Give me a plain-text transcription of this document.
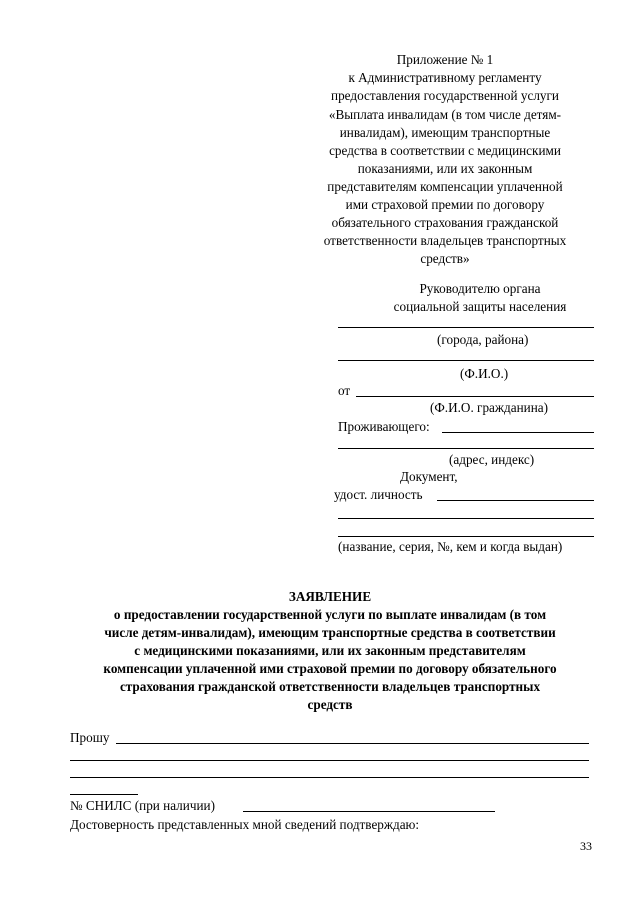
Приложение № 1
к Административному регламенту
предоставления государственной услуги
«Выплата инвалидам (в том числе детям-
инвалидам), имеющим транспортные
средства в соответствии с медицинскими
показаниями, или их законным
представителям компенсации уплаченной
ими страховой премии по договору
обязательного страхования гражданской
ответственности владельцев транспортных
средств»
Руководителю органа
социальной защиты населения
(города, района)
(Ф.И.О.)
от
(Ф.И.О. гражданина)
Проживающего:
(адрес, индекс)
Документ,
удост. личность
(название, серия, №, кем и когда выдан)
ЗАЯВЛЕНИЕ
о предоставлении государственной услуги по выплате инвалидам (в том
числе детям-инвалидам), имеющим транспортные средства в соответствии
с медицинскими показаниями, или их законным представителям
компенсации уплаченной ими страховой премии по договору обязательного
страхования гражданской ответственности владельцев транспортных
средств
Прошу
№ СНИЛС (при наличии)
Достоверность представленных мной сведений подтверждаю:
33
